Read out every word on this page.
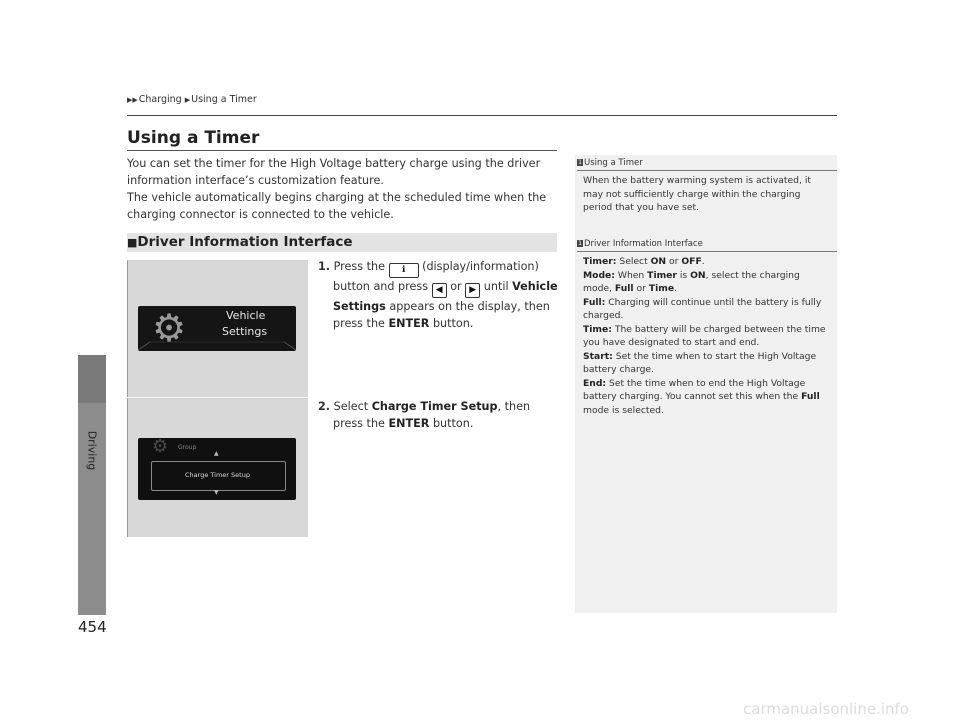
▶▶Charging ▶Using a Timer
Driving
454
Using a Timer
You can set the timer for the High Voltage battery charge using the driver information interface’s customization feature.
The vehicle automatically begins charging at the scheduled time when the charging connector is connected to the vehicle.
■Driver Information Interface
⚙	Vehicle
Settings
⚙ Group
▲
Charge Timer Setup
▼
1. Press the ℹ (display/information) button and press ◀ or ▶ until Vehicle Settings appears on the display, then press the ENTER button.
2. Select Charge Timer Setup, then press the ENTER button.
1 Using a Timer
When the battery warming system is activated, it may not sufficiently charge within the charging period that you have set.
1 Driver Information Interface

Timer: Select ON or OFF.

Mode: When Timer is ON, select the charging mode, Full or Time.

Full: Charging will continue until the battery is fully charged.

Time: The battery will be charged between the time you have designated to start and end.

Start: Set the time when to start the High Voltage battery charge.

End: Set the time when to end the High Voltage battery charging. You cannot set this when the Full mode is selected.

carmanualsonline.info
